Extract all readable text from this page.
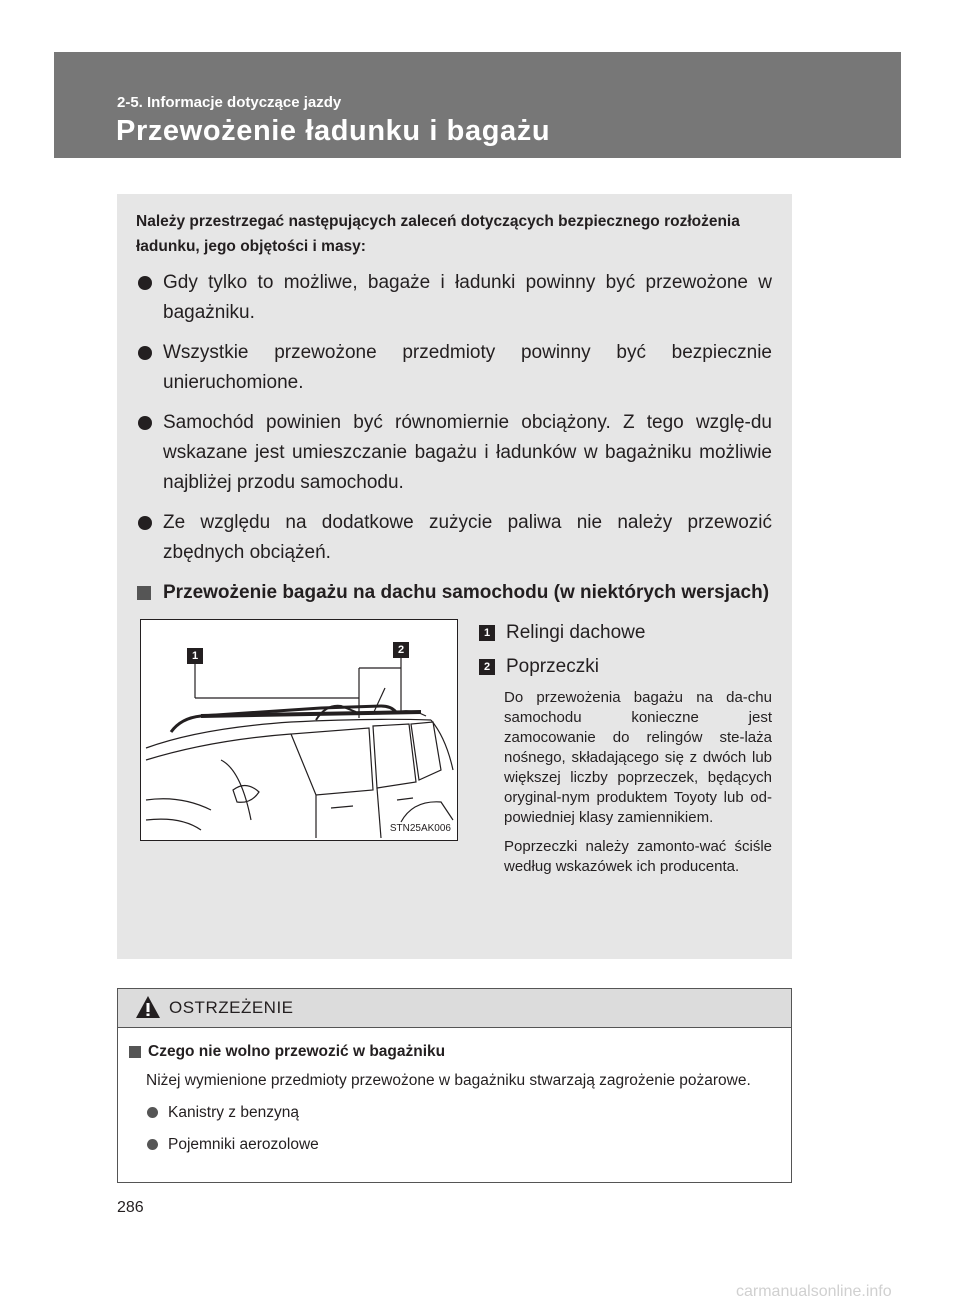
2-5. Informacje dotyczące jazdy
Przewożenie ładunku i bagażu
Należy przestrzegać następujących zaleceń dotyczących bezpiecznego rozłożenia ładunku, jego objętości i masy:
Gdy tylko to możliwe, bagaże i ładunki powinny być przewożone w bagażniku.
Wszystkie przewożone przedmioty powinny być bezpiecznie unieruchomione.
Samochód powinien być równomiernie obciążony. Z tego wzglę-du wskazane jest umieszczanie bagażu i ładunków w bagażniku możliwie najbliżej przodu samochodu.
Ze względu na dodatkowe zużycie paliwa nie należy przewozić zbędnych obciążeń.
Przewożenie bagażu na dachu samochodu (w niektórych wersjach)
1	2
STN25AK006
1 Relingi dachowe
2 Poprzeczki

Do przewożenia bagażu na da-chu samochodu konieczne jest zamocowanie do relingów ste-laża nośnego, składającego się z dwóch lub większej liczby poprzeczek, będących oryginal-nym produktem Toyoty lub od-powiedniej klasy zamiennikiem.

Poprzeczki należy zamonto-wać ściśle według wskazówek ich producenta.

OSTRZEŻENIE
Czego nie wolno przewozić w bagażniku
Niżej wymienione przedmioty przewożone w bagażniku stwarzają zagrożenie pożarowe.
Kanistry z benzyną
Pojemniki aerozolowe
286
carmanualsonline.info
